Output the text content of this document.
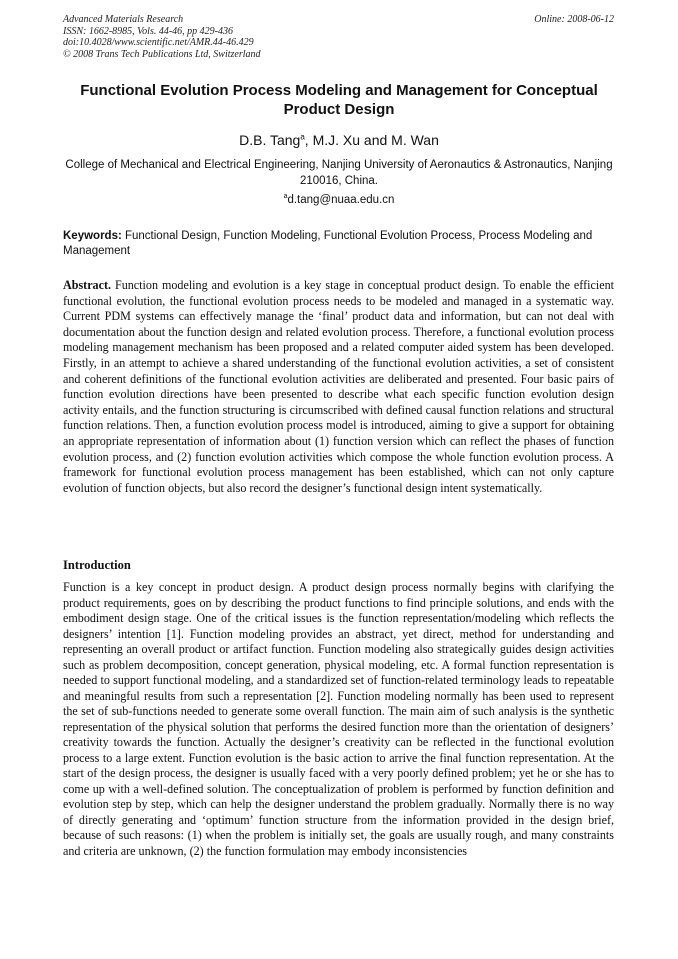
Advanced Materials Research
ISSN: 1662-8985, Vols. 44-46, pp 429-436
doi:10.4028/www.scientific.net/AMR.44-46.429
© 2008 Trans Tech Publications Ltd, Switzerland
Online: 2008-06-12
Functional Evolution Process Modeling and Management for Conceptual Product Design
D.B. Tang$^a$, M.J. Xu and M. Wan
College of Mechanical and Electrical Engineering, Nanjing University of Aeronautics & Astronautics, Nanjing 210016, China.
$^a$d.tang@nuaa.edu.cn
Keywords: Functional Design, Function Modeling, Functional Evolution Process, Process Modeling and Management
Abstract. Function modeling and evolution is a key stage in conceptual product design. To enable the efficient functional evolution, the functional evolution process needs to be modeled and managed in a systematic way. Current PDM systems can effectively manage the ‘final’ product data and information, but can not deal with documentation about the function design and related evolution process. Therefore, a functional evolution process modeling management mechanism has been proposed and a related computer aided system has been developed. Firstly, in an attempt to achieve a shared understanding of the functional evolution activities, a set of consistent and coherent definitions of the functional evolution activities are deliberated and presented. Four basic pairs of function evolution directions have been presented to describe what each specific function evolution design activity entails, and the function structuring is circumscribed with defined causal function relations and structural function relations. Then, a function evolution process model is introduced, aiming to give a support for obtaining an appropriate representation of information about (1) function version which can reflect the phases of function evolution process, and (2) function evolution activities which compose the whole function evolution process. A framework for functional evolution process management has been established, which can not only capture evolution of function objects, but also record the designer’s functional design intent systematically.
Introduction
Function is a key concept in product design. A product design process normally begins with clarifying the product requirements, goes on by describing the product functions to find principle solutions, and ends with the embodiment design stage. One of the critical issues is the function representation/modeling which reflects the designers’ intention [1]. Function modeling provides an abstract, yet direct, method for understanding and representing an overall product or artifact function. Function modeling also strategically guides design activities such as problem decomposition, concept generation, physical modeling, etc. A formal function representation is needed to support functional modeling, and a standardized set of function-related terminology leads to repeatable and meaningful results from such a representation [2]. Function modeling normally has been used to represent the set of sub-functions needed to generate some overall function. The main aim of such analysis is the synthetic representation of the physical solution that performs the desired function more than the orientation of designers’ creativity towards the function. Actually the designer’s creativity can be reflected in the functional evolution process to a large extent. Function evolution is the basic action to arrive the final function representation. At the start of the design process, the designer is usually faced with a very poorly defined problem; yet he or she has to come up with a well-defined solution. The conceptualization of problem is performed by function definition and evolution step by step, which can help the designer understand the problem gradually. Normally there is no way of directly generating and ‘optimum’ function structure from the information provided in the design brief, because of such reasons: (1) when the problem is initially set, the goals are usually rough, and many constraints and criteria are unknown, (2) the function formulation may embody inconsistencies
